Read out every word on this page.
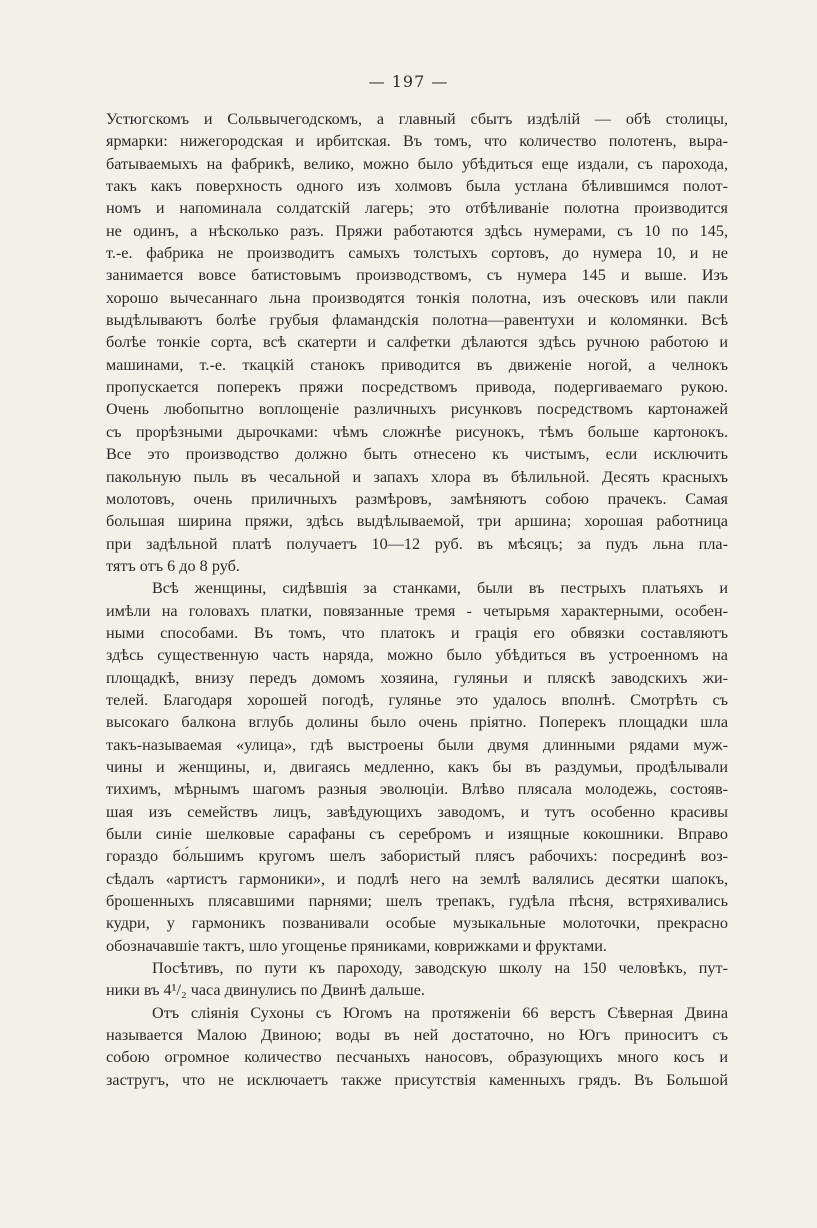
— 197 —
Устюгскомъ и Сольвычегодскомъ, а главный сбытъ издѣлій — обѣ столицы,
ярмарки: нижегородская и ирбитская. Въ томъ, что количество полотенъ, выра-
батываемыхъ на фабрикѣ, велико, можно было убѣдиться еще издали, съ парохода,
такъ какъ поверхность одного изъ холмовъ была устлана бѣлившимся полот-
номъ и напоминала солдатскій лагерь; это отбѣливаніе полотна производится
не одинъ, а нѣсколько разъ. Пряжи работаются здѣсь нумерами, съ 10 по 145,
т.-е. фабрика не производитъ самыхъ толстыхъ сортовъ, до нумера 10, и не
занимается вовсе батистовымъ производствомъ, съ нумера 145 и выше. Изъ
хорошо вычесаннаго льна производятся тонкія полотна, изъ оческовъ или пакли
выдѣлываютъ болѣе грубыя фламандскія полотна—равентухи и коломянки. Всѣ
болѣе тонкіе сорта, всѣ скатерти и салфетки дѣлаются здѣсь ручною работою и
машинами, т.-е. ткацкій станокъ приводится въ движеніе ногой, а челнокъ
пропускается поперекъ пряжи посредствомъ привода, подергиваемаго рукою.
Очень любопытно воплощеніе различныхъ рисунковъ посредствомъ картонажей
съ прорѣзными дырочками: чѣмъ сложнѣе рисунокъ, тѣмъ больше картонокъ.
Все это производство должно быть отнесено къ чистымъ, если исключить
пакольную пыль въ чесальной и запахъ хлора въ бѣлильной. Десять красныхъ
молотовъ, очень приличныхъ размѣровъ, замѣняютъ собою прачекъ. Самая
большая ширина пряжи, здѣсь выдѣлываемой, три аршина; хорошая работница
при задѣльной платѣ получаетъ 10—12 руб. въ мѣсяцъ; за пудъ льна пла-
тятъ отъ 6 до 8 руб.
Всѣ женщины, сидѣвшія за станками, были въ пестрыхъ платьяхъ и
имѣли на головахъ платки, повязанные тремя - четырьмя характерными, особен-
ными способами. Въ томъ, что платокъ и грація его обвязки составляютъ
здѣсь существенную часть наряда, можно было убѣдиться въ устроенномъ на
площадкѣ, внизу передъ домомъ хозяина, гуляньи и пляскѣ заводскихъ жи-
телей. Благодаря хорошей погодѣ, гулянье это удалось вполнѣ. Смотрѣть съ
высокаго балкона вглубь долины было очень пріятно. Поперекъ площадки шла
такъ-называемая «улица», гдѣ выстроены были двумя длинными рядами муж-
чины и женщины, и, двигаясь медленно, какъ бы въ раздумьи, продѣлывали
тихимъ, мѣрнымъ шагомъ разныя эволюціи. Влѣво плясала молодежь, состояв-
шая изъ семействъ лицъ, завѣдующихъ заводомъ, и тутъ особенно красивы
были синіе шелковые сарафаны съ серебромъ и изящные кокошники. Вправо
гораздо бо́льшимъ кругомъ шелъ забористый плясъ рабочихъ: посрединѣ воз-
сѣдалъ «артистъ гармоники», и подлѣ него на землѣ валялись десятки шапокъ,
брошенныхъ плясавшими парнями; шелъ трепакъ, гудѣла пѣсня, встряхивались
кудри, у гармоникъ позванивали особые музыкальные молоточки, прекрасно
обозначавшіе тактъ, шло угощенье пряниками, коврижками и фруктами.
Посѣтивъ, по пути къ пароходу, заводскую школу на 150 человѣкъ, пут-
ники въ 4¹/₂ часа двинулись по Двинѣ дальше.
Отъ слiянія Сухоны съ Югомъ на протяженіи 66 верстъ Сѣверная Двина
называется Малою Двиною; воды въ ней достаточно, но Югъ приноситъ съ
собою огромное количество песчаныхъ наносовъ, образующихъ много косъ и
застругъ, что не исключаетъ также присутствія каменныхъ грядъ. Въ Большой
